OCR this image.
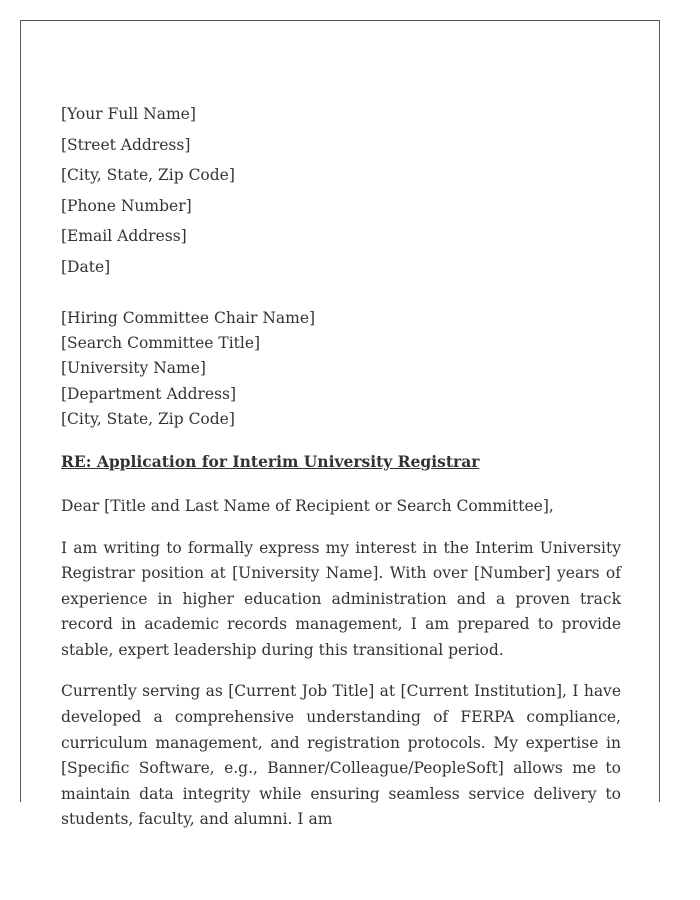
[Your Full Name]
[Street Address]
[City, State, Zip Code]
[Phone Number]
[Email Address]
[Date]
[Hiring Committee Chair Name]
[Search Committee Title]
[University Name]
[Department Address]
[City, State, Zip Code]
RE: Application for Interim University Registrar
Dear [Title and Last Name of Recipient or Search Committee],

I am writing to formally express my interest in the Interim University Registrar position at [University Name]. With over [Number] years of experience in higher education administration and a proven track record in academic records management, I am prepared to provide stable, expert leadership during this transitional period.

Currently serving as [Current Job Title] at [Current Institution], I have developed a comprehensive understanding of FERPA compliance, curriculum management, and registration protocols. My expertise in [Specific Software, e.g., Banner/Colleague/PeopleSoft] allows me to maintain data integrity while ensuring seamless service delivery to students, faculty, and alumni. I am
